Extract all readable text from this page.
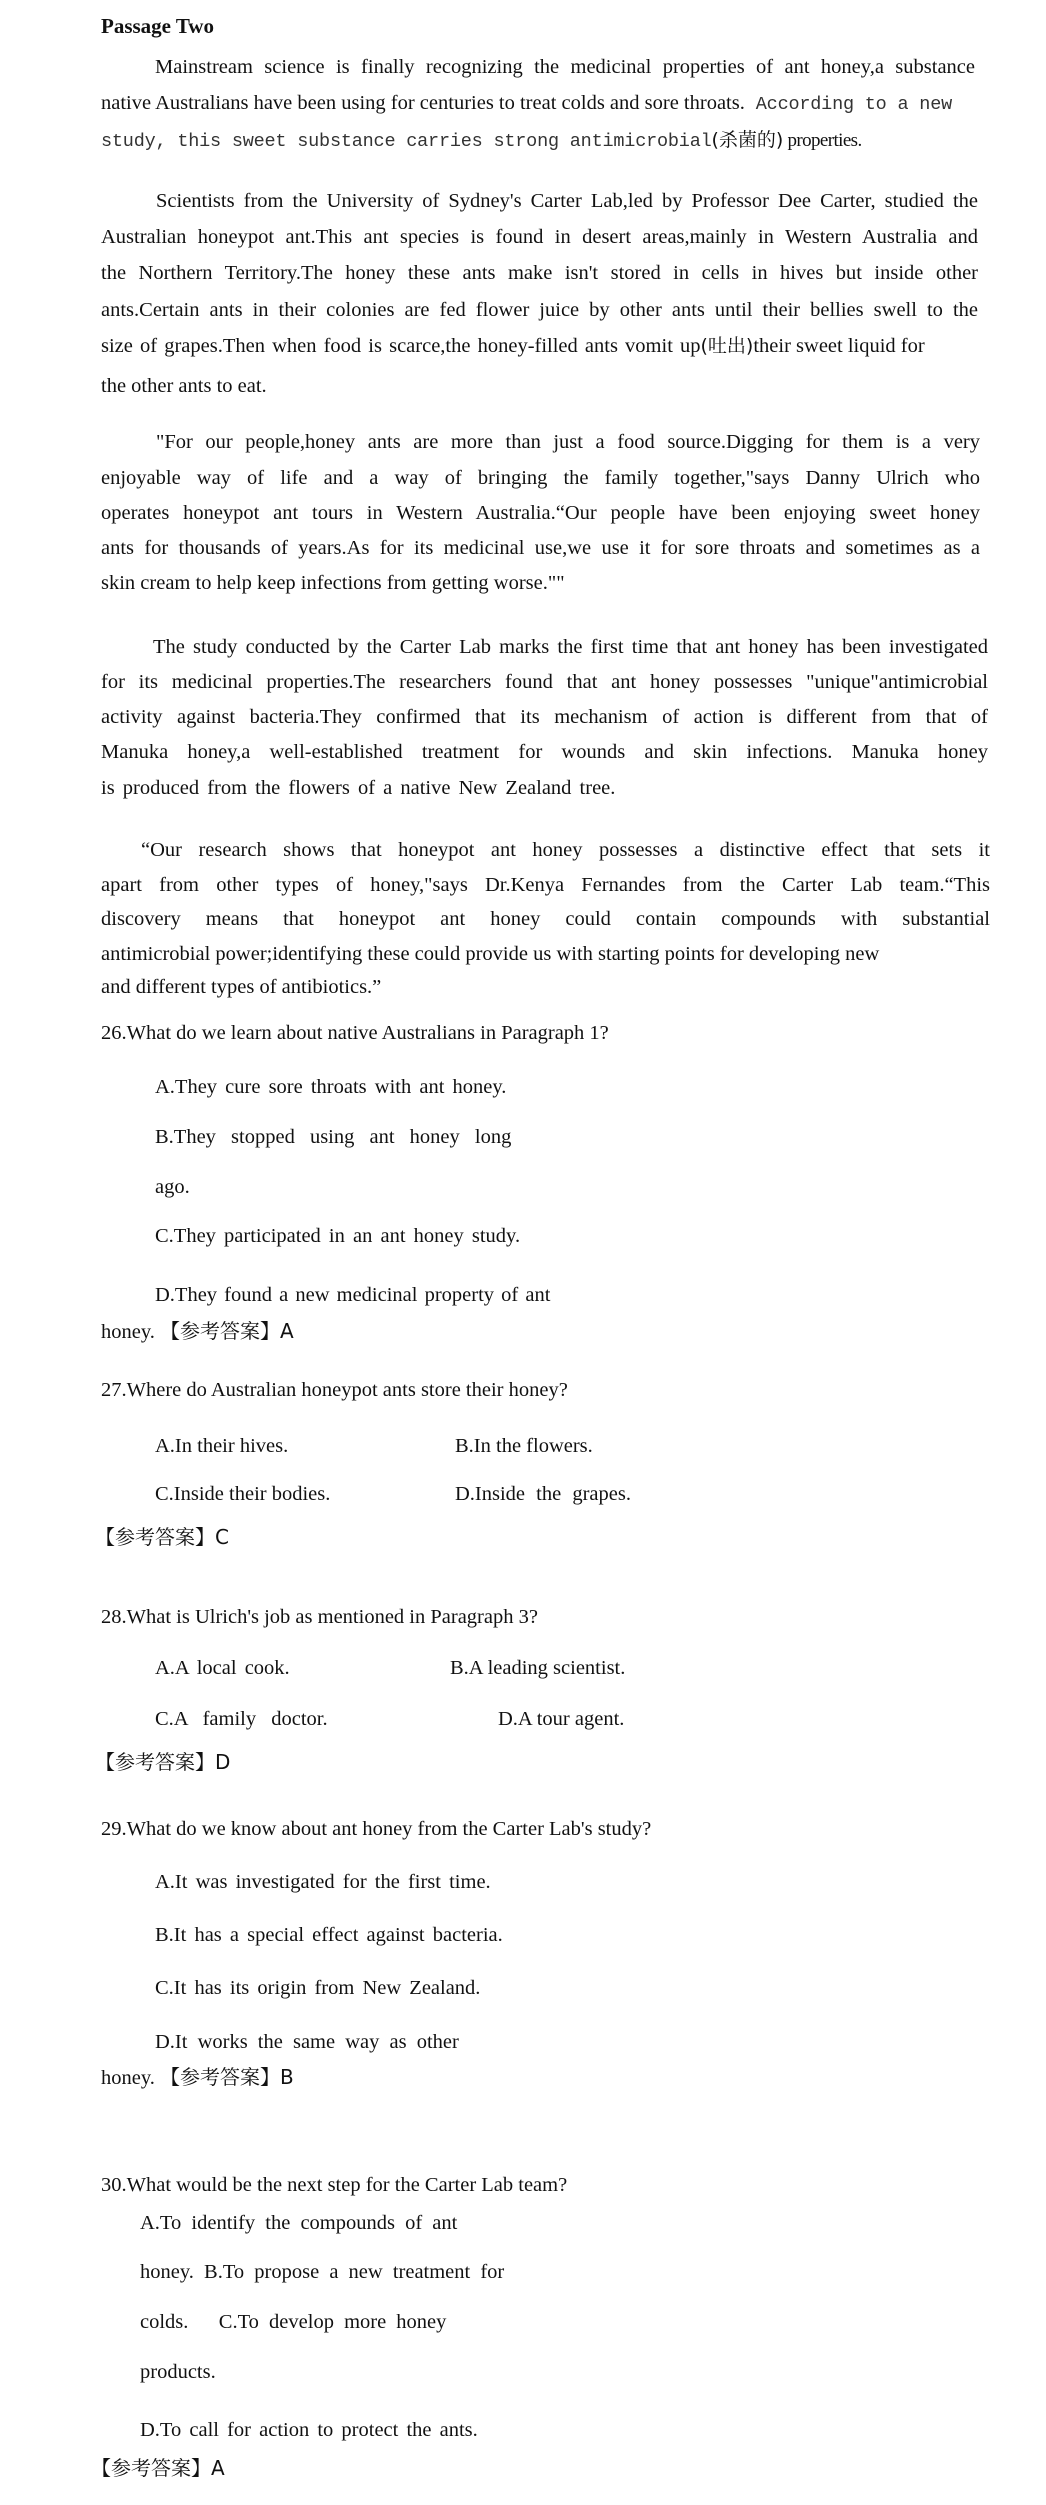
Passage Two
Mainstream science is finally recognizing the medicinal properties of ant honey,a substance
native Australians have been using for centuries to treat colds and sore throats. According to a new
study, this sweet substance carries strong antimicrobial(杀菌的) properties.
Scientists from the University of Sydney's Carter Lab,led by Professor Dee Carter, studied the
Australian honeypot ant.This ant species is found in desert areas,mainly in Western Australia and
the Northern Territory.The honey these ants make isn't stored in cells in hives but inside other
ants.Certain ants in their colonies are fed flower juice by other ants until their bellies swell to the
size of grapes.Then when food is scarce,the honey-filled ants vomit up(吐出)their sweet liquid for
the other ants to eat.
"For our people,honey ants are more than just a food source.Digging for them is a very
enjoyable way of life and a way of bringing the family together,"says Danny Ulrich who
operates honeypot ant tours in Western Australia.“Our people have been enjoying sweet honey
ants for thousands of years.As for its medicinal use,we use it for sore throats and sometimes as a
skin cream to help keep infections from getting worse.""
The study conducted by the Carter Lab marks the first time that ant honey has been investigated
for its medicinal properties.The researchers found that ant honey possesses "unique"antimicrobial
activity against bacteria.They confirmed that its mechanism of action is different from that of
Manuka honey,a well-established treatment for wounds and skin infections. Manuka honey
is produced from the flowers of a native New Zealand tree.
“Our research shows that honeypot ant honey possesses a distinctive effect that sets it
apart from other types of honey,"says Dr.Kenya Fernandes from the Carter Lab team.“This
discovery means that honeypot ant honey could contain compounds with substantial
antimicrobial power;identifying these could provide us with starting points for developing new
and different types of antibiotics.”
26.What do we learn about native Australians in Paragraph 1?
A.They cure sore throats with ant honey.
B.They stopped using ant honey long
ago.
C.They participated in an ant honey study.
D.They found a new medicinal property of ant
honey. 【参考答案】A
27.Where do Australian honeypot ants store their honey?
A.In their hives.	B.In the flowers.
C.Inside their bodies.	D.Inside the grapes.
【参考答案】C
28.What is Ulrich's job as mentioned in Paragraph 3?
A.A local cook.	B.A leading scientist.
C.A family doctor.	D.A tour agent.
【参考答案】D
29.What do we know about ant honey from the Carter Lab's study?
A.It was investigated for the first time.
B.It has a special effect against bacteria.
C.It has its origin from New Zealand.
D.It works the same way as other
honey. 【参考答案】B
30.What would be the next step for the Carter Lab team?
A.To identify the compounds of ant
honey. B.To propose a new treatment for
colds. C.To develop more honey
products.
D.To call for action to protect the ants.
【参考答案】A
